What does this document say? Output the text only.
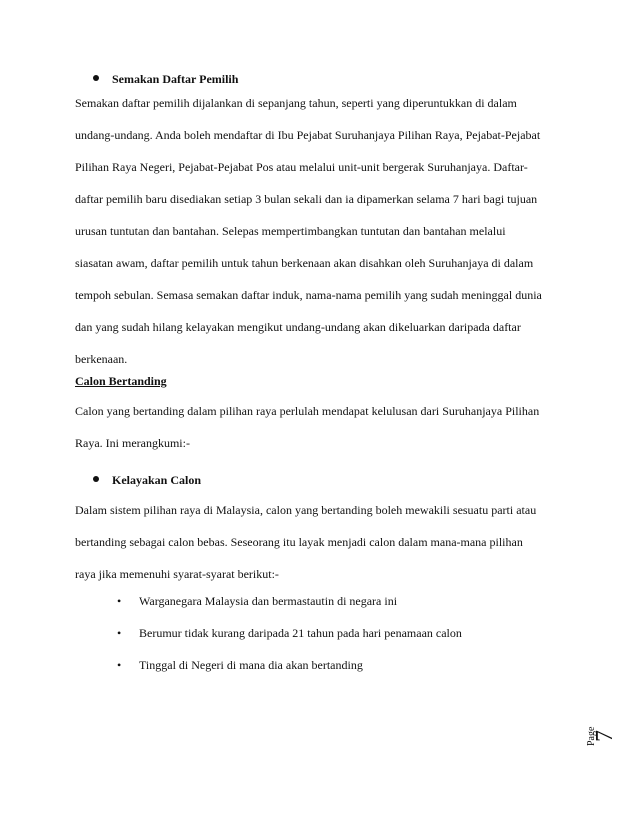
Semakan Daftar Pemilih
Semakan daftar pemilih dijalankan di sepanjang tahun, seperti yang diperuntukkan di dalam
undang-undang. Anda boleh mendaftar di Ibu Pejabat Suruhanjaya Pilihan Raya, Pejabat-Pejabat
Pilihan Raya Negeri, Pejabat-Pejabat Pos atau melalui unit-unit bergerak Suruhanjaya. Daftar-
daftar pemilih baru disediakan setiap 3 bulan sekali dan ia dipamerkan selama 7 hari bagi tujuan
urusan tuntutan dan bantahan. Selepas mempertimbangkan tuntutan dan bantahan melalui
siasatan awam, daftar pemilih untuk tahun berkenaan akan disahkan oleh Suruhanjaya di dalam
tempoh sebulan. Semasa semakan daftar induk, nama-nama pemilih yang sudah meninggal dunia
dan yang sudah hilang kelayakan mengikut undang-undang akan dikeluarkan daripada daftar
berkenaan.
Calon Bertanding
Calon yang bertanding dalam pilihan raya perlulah mendapat kelulusan dari Suruhanjaya Pilihan
Raya. Ini merangkumi:-
Kelayakan Calon
Dalam sistem pilihan raya di Malaysia, calon yang bertanding boleh mewakili sesuatu parti atau
bertanding sebagai calon bebas. Seseorang itu layak menjadi calon dalam mana-mana pilihan
raya jika memenuhi syarat-syarat berikut:-
• Warganegara Malaysia dan bermastautin di negara ini
• Berumur tidak kurang daripada 21 tahun pada hari penamaan calon
• Tinggal di Negeri di mana dia akan bertanding
Page
7
